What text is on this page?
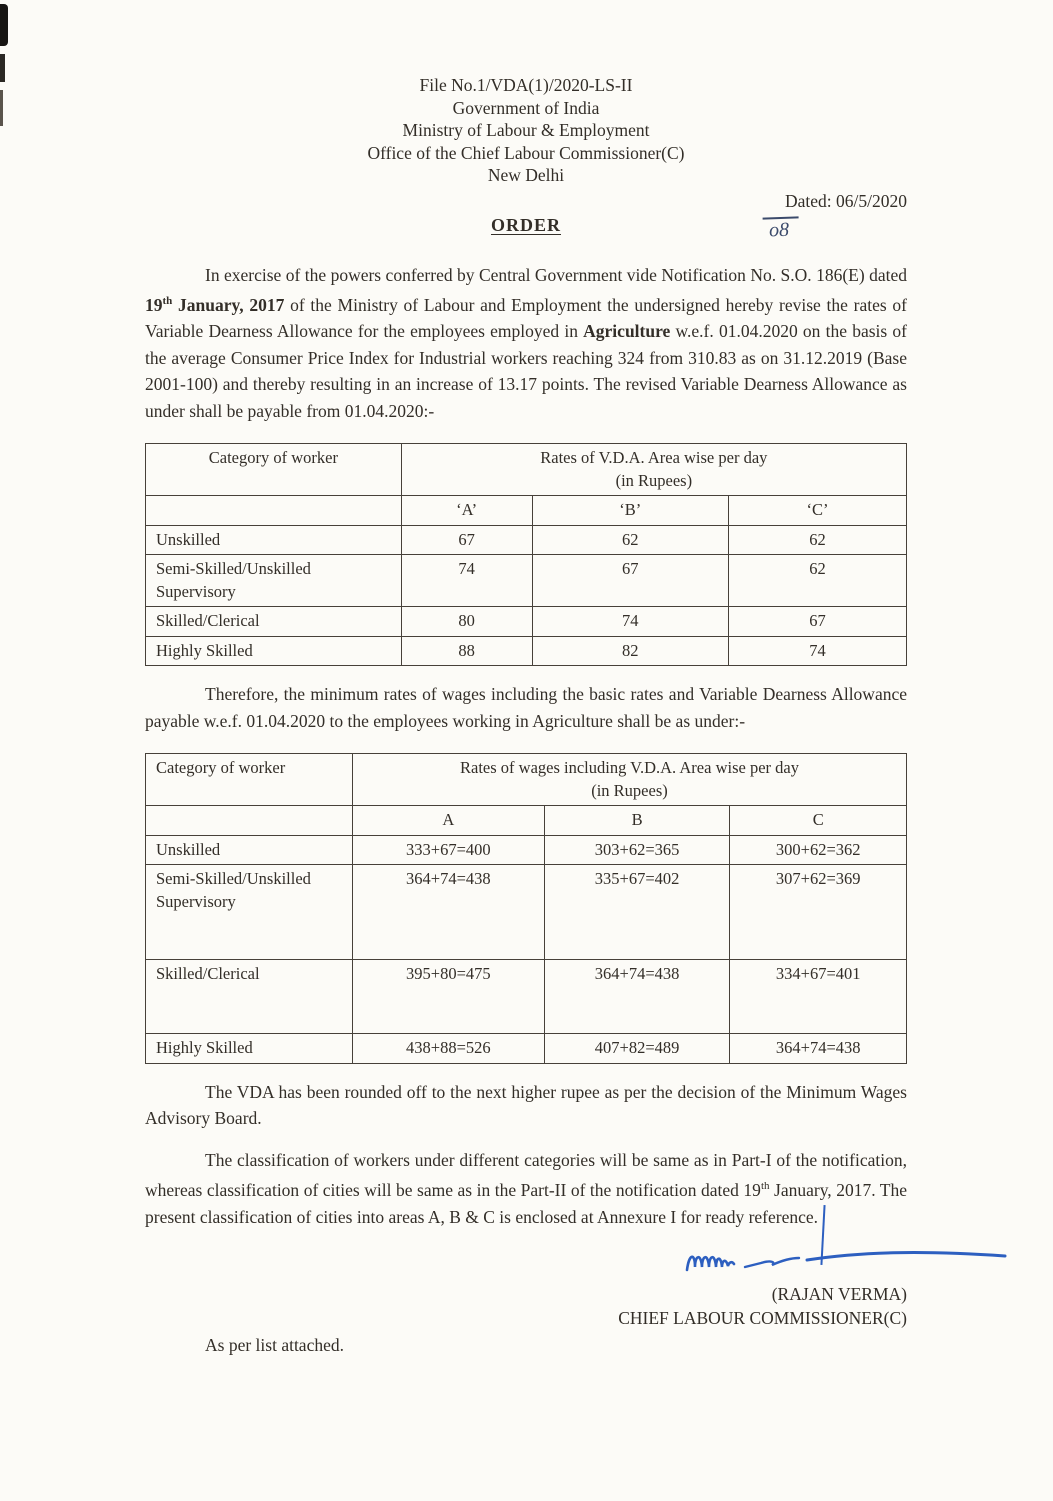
File No.1/VDA(1)/2020-LS-II
Government of India
Ministry of Labour & Employment
Office of the Chief Labour Commissioner(C)
New Delhi
Dated: 06/5/2020
ORDER	o8

In exercise of the powers conferred by Central Government vide Notification No. S.O. 186(E) dated 19th January, 2017 of the Ministry of Labour and Employment the undersigned hereby revise the rates of Variable Dearness Allowance for the employees employed in Agriculture w.e.f. 01.04.2020 on the basis of the average Consumer Price Index for Industrial workers reaching 324 from 310.83 as on 31.12.2019 (Base 2001-100) and thereby resulting in an increase of 13.17 points. The revised Variable Dearness Allowance as under shall be payable from 01.04.2020:-

Category of worker	Rates of V.D.A. Area wise per day
(in Rupees)		

	‘A’	‘B’	‘C’
Unskilled	67	62	62
Semi-Skilled/Unskilled Supervisory	74	67	62
Skilled/Clerical	80	74	67
Highly Skilled	88	82	74

Therefore, the minimum rates of wages including the basic rates and Variable Dearness Allowance payable w.e.f. 01.04.2020 to the employees working in Agriculture shall be as under:-

Category of worker	Rates of wages including V.D.A. Area wise per day
(in Rupees)		

	A	B	C
Unskilled	333+67=400	303+62=365	300+62=362
Semi-Skilled/Unskilled Supervisory	364+74=438	335+67=402	307+62=369
Skilled/Clerical	395+80=475	364+74=438	334+67=401
Highly Skilled	438+88=526	407+82=489	364+74=438

The VDA has been rounded off to the next higher rupee as per the decision of the Minimum Wages Advisory Board.

The classification of workers under different categories will be same as in Part-I of the notification, whereas classification of cities will be same as in the Part-II of the notification dated 19th January, 2017. The present classification of cities into areas A, B & C is enclosed at Annexure I for ready reference.

(RAJAN VERMA)
CHIEF LABOUR COMMISSIONER(C)
As per list attached.
